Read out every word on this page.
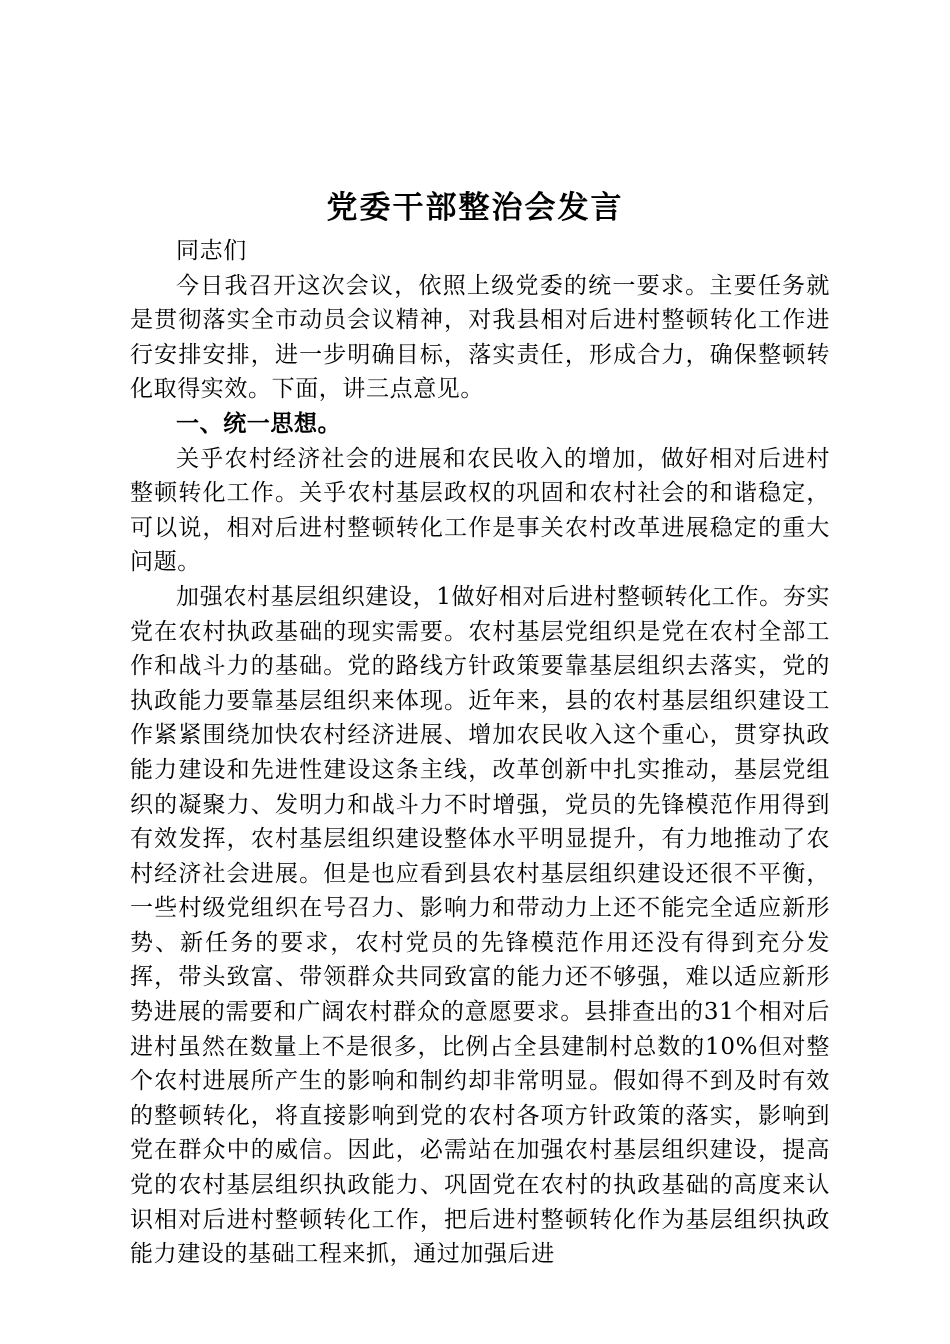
党委干部整治会发言

同志们

今日我召开这次会议，依照上级党委的统一要求。主要任务就是贯彻落实全市动员会议精神，对我县相对后进村整顿转化工作进行安排安排，进一步明确目标，落实责任，形成合力，确保整顿转化取得实效。下面，讲三点意见。

一、统一思想。

关乎农村经济社会的进展和农民收入的增加，做好相对后进村整顿转化工作。关乎农村基层政权的巩固和农村社会的和谐稳定，可以说，相对后进村整顿转化工作是事关农村改革进展稳定的重大问题。

加强农村基层组织建设，1做好相对后进村整顿转化工作。夯实党在农村执政基础的现实需要。农村基层党组织是党在农村全部工作和战斗力的基础。党的路线方针政策要靠基层组织去落实，党的执政能力要靠基层组织来体现。近年来，县的农村基层组织建设工作紧紧围绕加快农村经济进展、增加农民收入这个重心，贯穿执政能力建设和先进性建设这条主线，改革创新中扎实推动，基层党组织的凝聚力、发明力和战斗力不时增强，党员的先锋模范作用得到有效发挥，农村基层组织建设整体水平明显提升，有力地推动了农村经济社会进展。但是也应看到县农村基层组织建设还很不平衡，一些村级党组织在号召力、影响力和带动力上还不能完全适应新形势、新任务的要求，农村党员的先锋模范作用还没有得到充分发挥，带头致富、带领群众共同致富的能力还不够强，难以适应新形势进展的需要和广阔农村群众的意愿要求。县排查出的31个相对后进村虽然在数量上不是很多，比例占全县建制村总数的10%但对整个农村进展所产生的影响和制约却非常明显。假如得不到及时有效的整顿转化，将直接影响到党的农村各项方针政策的落实，影响到党在群众中的威信。因此，必需站在加强农村基层组织建设，提高党的农村基层组织执政能力、巩固党在农村的执政基础的高度来认识相对后进村整顿转化工作，把后进村整顿转化作为基层组织执政能力建设的基础工程来抓，通过加强后进
